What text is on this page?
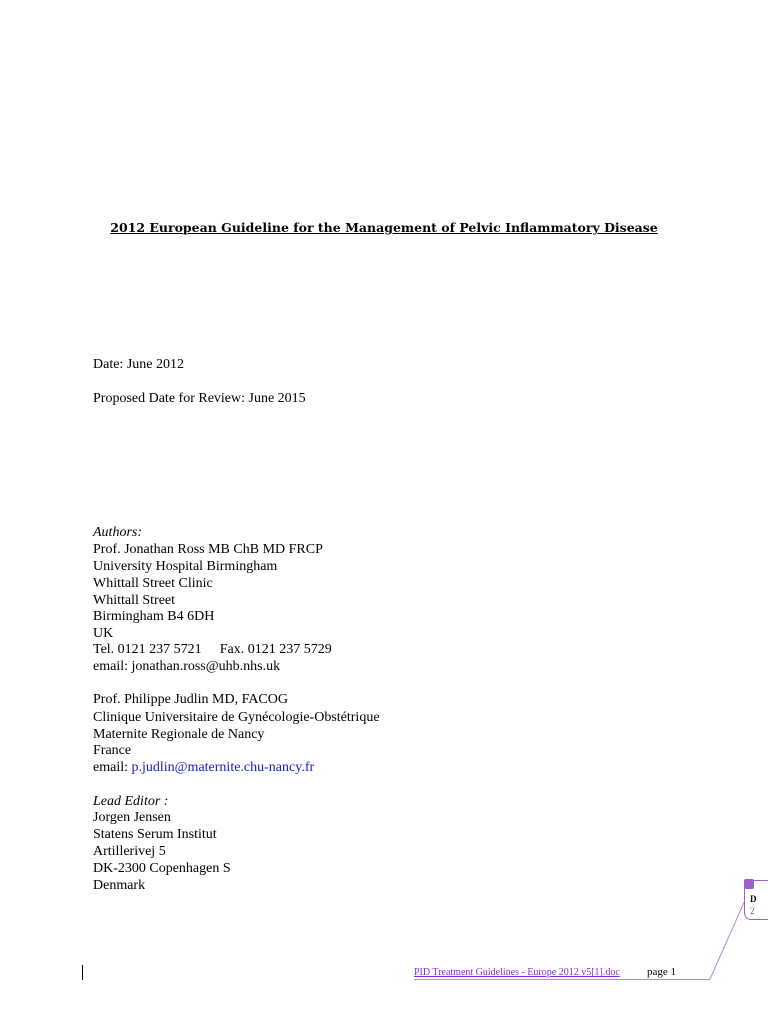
2012 European Guideline for the Management of Pelvic Inflammatory Disease
Date: June 2012
Proposed Date for Review: June 2015
Authors:
Prof. Jonathan Ross MB ChB MD FRCP
University Hospital Birmingham
Whittall Street Clinic
Whittall Street
Birmingham B4 6DH
UK
Tel. 0121 237 5721 Fax. 0121 237 5729
email: jonathan.ross@uhb.nhs.uk
Prof. Philippe Judlin MD, FACOG
Clinique Universitaire de Gynécologie-Obstétrique
Maternite Regionale de Nancy
France
email: p.judlin@maternite.chu-nancy.fr
Lead Editor :
Jorgen Jensen
Statens Serum Institut
Artillerivej 5
DK-2300 Copenhagen S
Denmark
PID Treatment Guidelines - Europe 2012 v5[1].doc page 1
D
2
